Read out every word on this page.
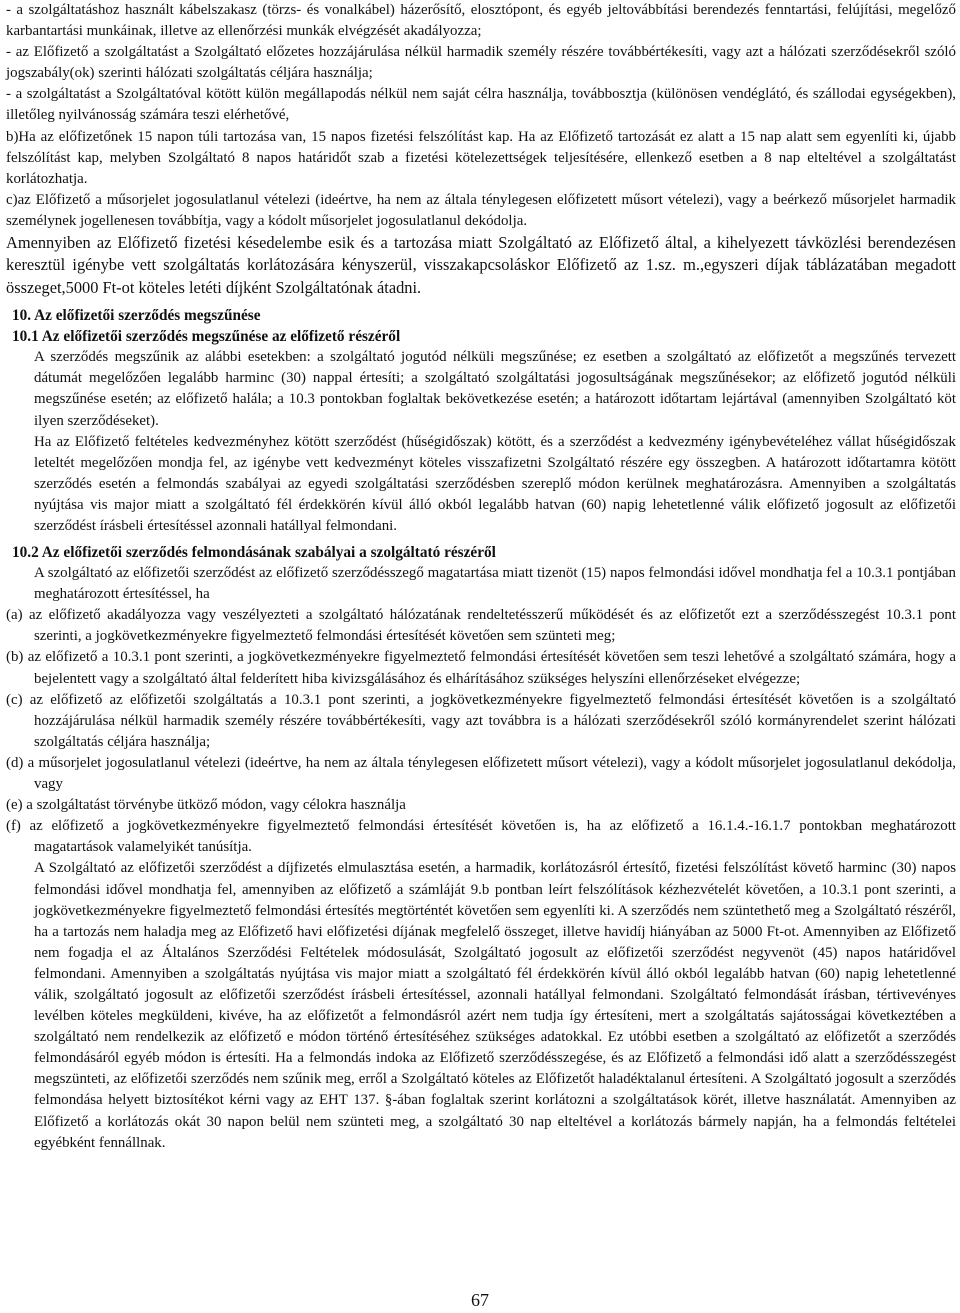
- a szolgáltatáshoz használt kábelszakasz (törzs- és vonalkábel) házerősítő, elosztópont, és egyéb jeltovábbítási berendezés fenntartási, felújítási, megelőző karbantartási munkáinak, illetve az ellenőrzési munkák elvégzését akadályozza;

- az Előfizető a szolgáltatást a Szolgáltató előzetes hozzájárulása nélkül harmadik személy részére továbbértékesíti, vagy azt a hálózati szerződésekről szóló jogszabály(ok) szerinti hálózati szolgáltatás céljára használja;

- a szolgáltatást a Szolgáltatóval kötött külön megállapodás nélkül nem saját célra használja, továbbosztja (különösen vendéglátó, és szállodai egységekben), illetőleg nyilvánosság számára teszi elérhetővé,

b)Ha az előfizetőnek 15 napon túli tartozása van, 15 napos fizetési felszólítást kap. Ha az Előfizető tartozását ez alatt a 15 nap alatt sem egyenlíti ki, újabb felszólítást kap, melyben Szolgáltató 8 napos határidőt szab a fizetési kötelezettségek teljesítésére, ellenkező esetben a 8 nap elteltével a szolgáltatást korlátozhatja.

c)az Előfizető a műsorjelet jogosulatlanul vételezi (ideértve, ha nem az általa ténylegesen előfizetett műsort vételezi), vagy a beérkező műsorjelet harmadik személynek jogellenesen továbbítja, vagy a kódolt műsorjelet jogosulatlanul dekódolja.

Amennyiben az Előfizető fizetési késedelembe esik és a tartozása miatt Szolgáltató az Előfizető által, a kihelyezett távközlési berendezésen keresztül igénybe vett szolgáltatás korlátozására kényszerül, visszakapcsoláskor Előfizető az 1.sz. m.,egyszeri díjak táblázatában megadott összeget,5000 Ft-ot köteles letéti díjként Szolgáltatónak átadni.

10. Az előfizetői szerződés megszűnése

10.1 Az előfizetői szerződés megszűnése az előfizető részéről

A szerződés megszűnik az alábbi esetekben: a szolgáltató jogutód nélküli megszűnése; ez esetben a szolgáltató az előfizetőt a megszűnés tervezett dátumát megelőzően legalább harminc (30) nappal értesíti; a szolgáltató szolgáltatási jogosultságának megszűnésekor; az előfizető jogutód nélküli megszűnése esetén; az előfizető halála; a 10.3 pontokban foglaltak bekövetkezése esetén; a határozott időtartam lejártával (amennyiben Szolgáltató köt ilyen szerződéseket).

Ha az Előfizető feltételes kedvezményhez kötött szerződést (hűségidőszak) kötött, és a szerződést a kedvezmény igénybevételéhez vállat hűségidőszak leteltét megelőzően mondja fel, az igénybe vett kedvezményt köteles visszafizetni Szolgáltató részére egy összegben. A határozott időtartamra kötött szerződés esetén a felmondás szabályai az egyedi szolgáltatási szerződésben szereplő módon kerülnek meghatározásra. Amennyiben a szolgáltatás nyújtása vis major miatt a szolgáltató fél érdekkörén kívül álló okból legalább hatvan (60) napig lehetetlenné válik előfizető jogosult az előfizetői szerződést írásbeli értesítéssel azonnali hatállyal felmondani.

10.2 Az előfizetői szerződés felmondásának szabályai a szolgáltató részéről

A szolgáltató az előfizetői szerződést az előfizető szerződésszegő magatartása miatt tizenöt (15) napos felmondási idővel mondhatja fel a 10.3.1 pontjában meghatározott értesítéssel, ha

(a) az előfizető akadályozza vagy veszélyezteti a szolgáltató hálózatának rendeltetésszerű működését és az előfizetőt ezt a szerződésszegést 10.3.1 pont szerinti, a jogkövetkezményekre figyelmeztető felmondási értesítését követően sem szünteti meg;

(b) az előfizető a 10.3.1 pont szerinti, a jogkövetkezményekre figyelmeztető felmondási értesítését követően sem teszi lehetővé a szolgáltató számára, hogy a bejelentett vagy a szolgáltató által felderített hiba kivizsgálásához és elhárításához szükséges helyszíni ellenőrzéseket elvégezze;

(c) az előfizető az előfizetői szolgáltatás a 10.3.1 pont szerinti, a jogkövetkezményekre figyelmeztető felmondási értesítését követően is a szolgáltató hozzájárulása nélkül harmadik személy részére továbbértékesíti, vagy azt továbbra is a hálózati szerződésekről szóló kormányrendelet szerint hálózati szolgáltatás céljára használja;

(d) a műsorjelet jogosulatlanul vételezi (ideértve, ha nem az általa ténylegesen előfizetett műsort vételezi), vagy a kódolt műsorjelet jogosulatlanul dekódolja, vagy

(e) a szolgáltatást törvénybe ütköző módon, vagy célokra használja

(f) az előfizető a jogkövetkezményekre figyelmeztető felmondási értesítését követően is, ha az előfizető a 16.1.4.-16.1.7 pontokban meghatározott magatartások valamelyikét tanúsítja.

A Szolgáltató az előfizetői szerződést a díjfizetés elmulasztása esetén, a harmadik, korlátozásról értesítő, fizetési felszólítást követő harminc (30) napos felmondási idővel mondhatja fel, amennyiben az előfizető a számláját 9.b pontban leírt felszólítások kézhezvételét követően, a 10.3.1 pont szerinti, a jogkövetkezményekre figyelmeztető felmondási értesítés megtörténtét követően sem egyenlíti ki. A szerződés nem szüntethető meg a Szolgáltató részéről, ha a tartozás nem haladja meg az Előfizető havi előfizetési díjának megfelelő összeget, illetve havidíj hiányában az 5000 Ft-ot. Amennyiben az Előfizető nem fogadja el az Általános Szerződési Feltételek módosulását, Szolgáltató jogosult az előfizetői szerződést negyvenöt (45) napos határidővel felmondani. Amennyiben a szolgáltatás nyújtása vis major miatt a szolgáltató fél érdekkörén kívül álló okból legalább hatvan (60) napig lehetetlenné válik, szolgáltató jogosult az előfizetői szerződést írásbeli értesítéssel, azonnali hatállyal felmondani. Szolgáltató felmondását írásban, tértivevényes levélben köteles megküldeni, kivéve, ha az előfizetőt a felmondásról azért nem tudja így értesíteni, mert a szolgáltatás sajátosságai következtében a szolgáltató nem rendelkezik az előfizető e módon történő értesítéséhez szükséges adatokkal. Ez utóbbi esetben a szolgáltató az előfizetőt a szerződés felmondásáról egyéb módon is értesíti. Ha a felmondás indoka az Előfizető szerződésszegése, és az Előfizető a felmondási idő alatt a szerződésszegést megszünteti, az előfizetői szerződés nem szűnik meg, erről a Szolgáltató köteles az Előfizetőt haladéktalanul értesíteni. A Szolgáltató jogosult a szerződés felmondása helyett biztosítékot kérni vagy az EHT 137. §-ában foglaltak szerint korlátozni a szolgáltatások körét, illetve használatát. Amennyiben az Előfizető a korlátozás okát 30 napon belül nem szünteti meg, a szolgáltató 30 nap elteltével a korlátozás bármely napján, ha a felmondás feltételei egyébként fennállnak.

67
